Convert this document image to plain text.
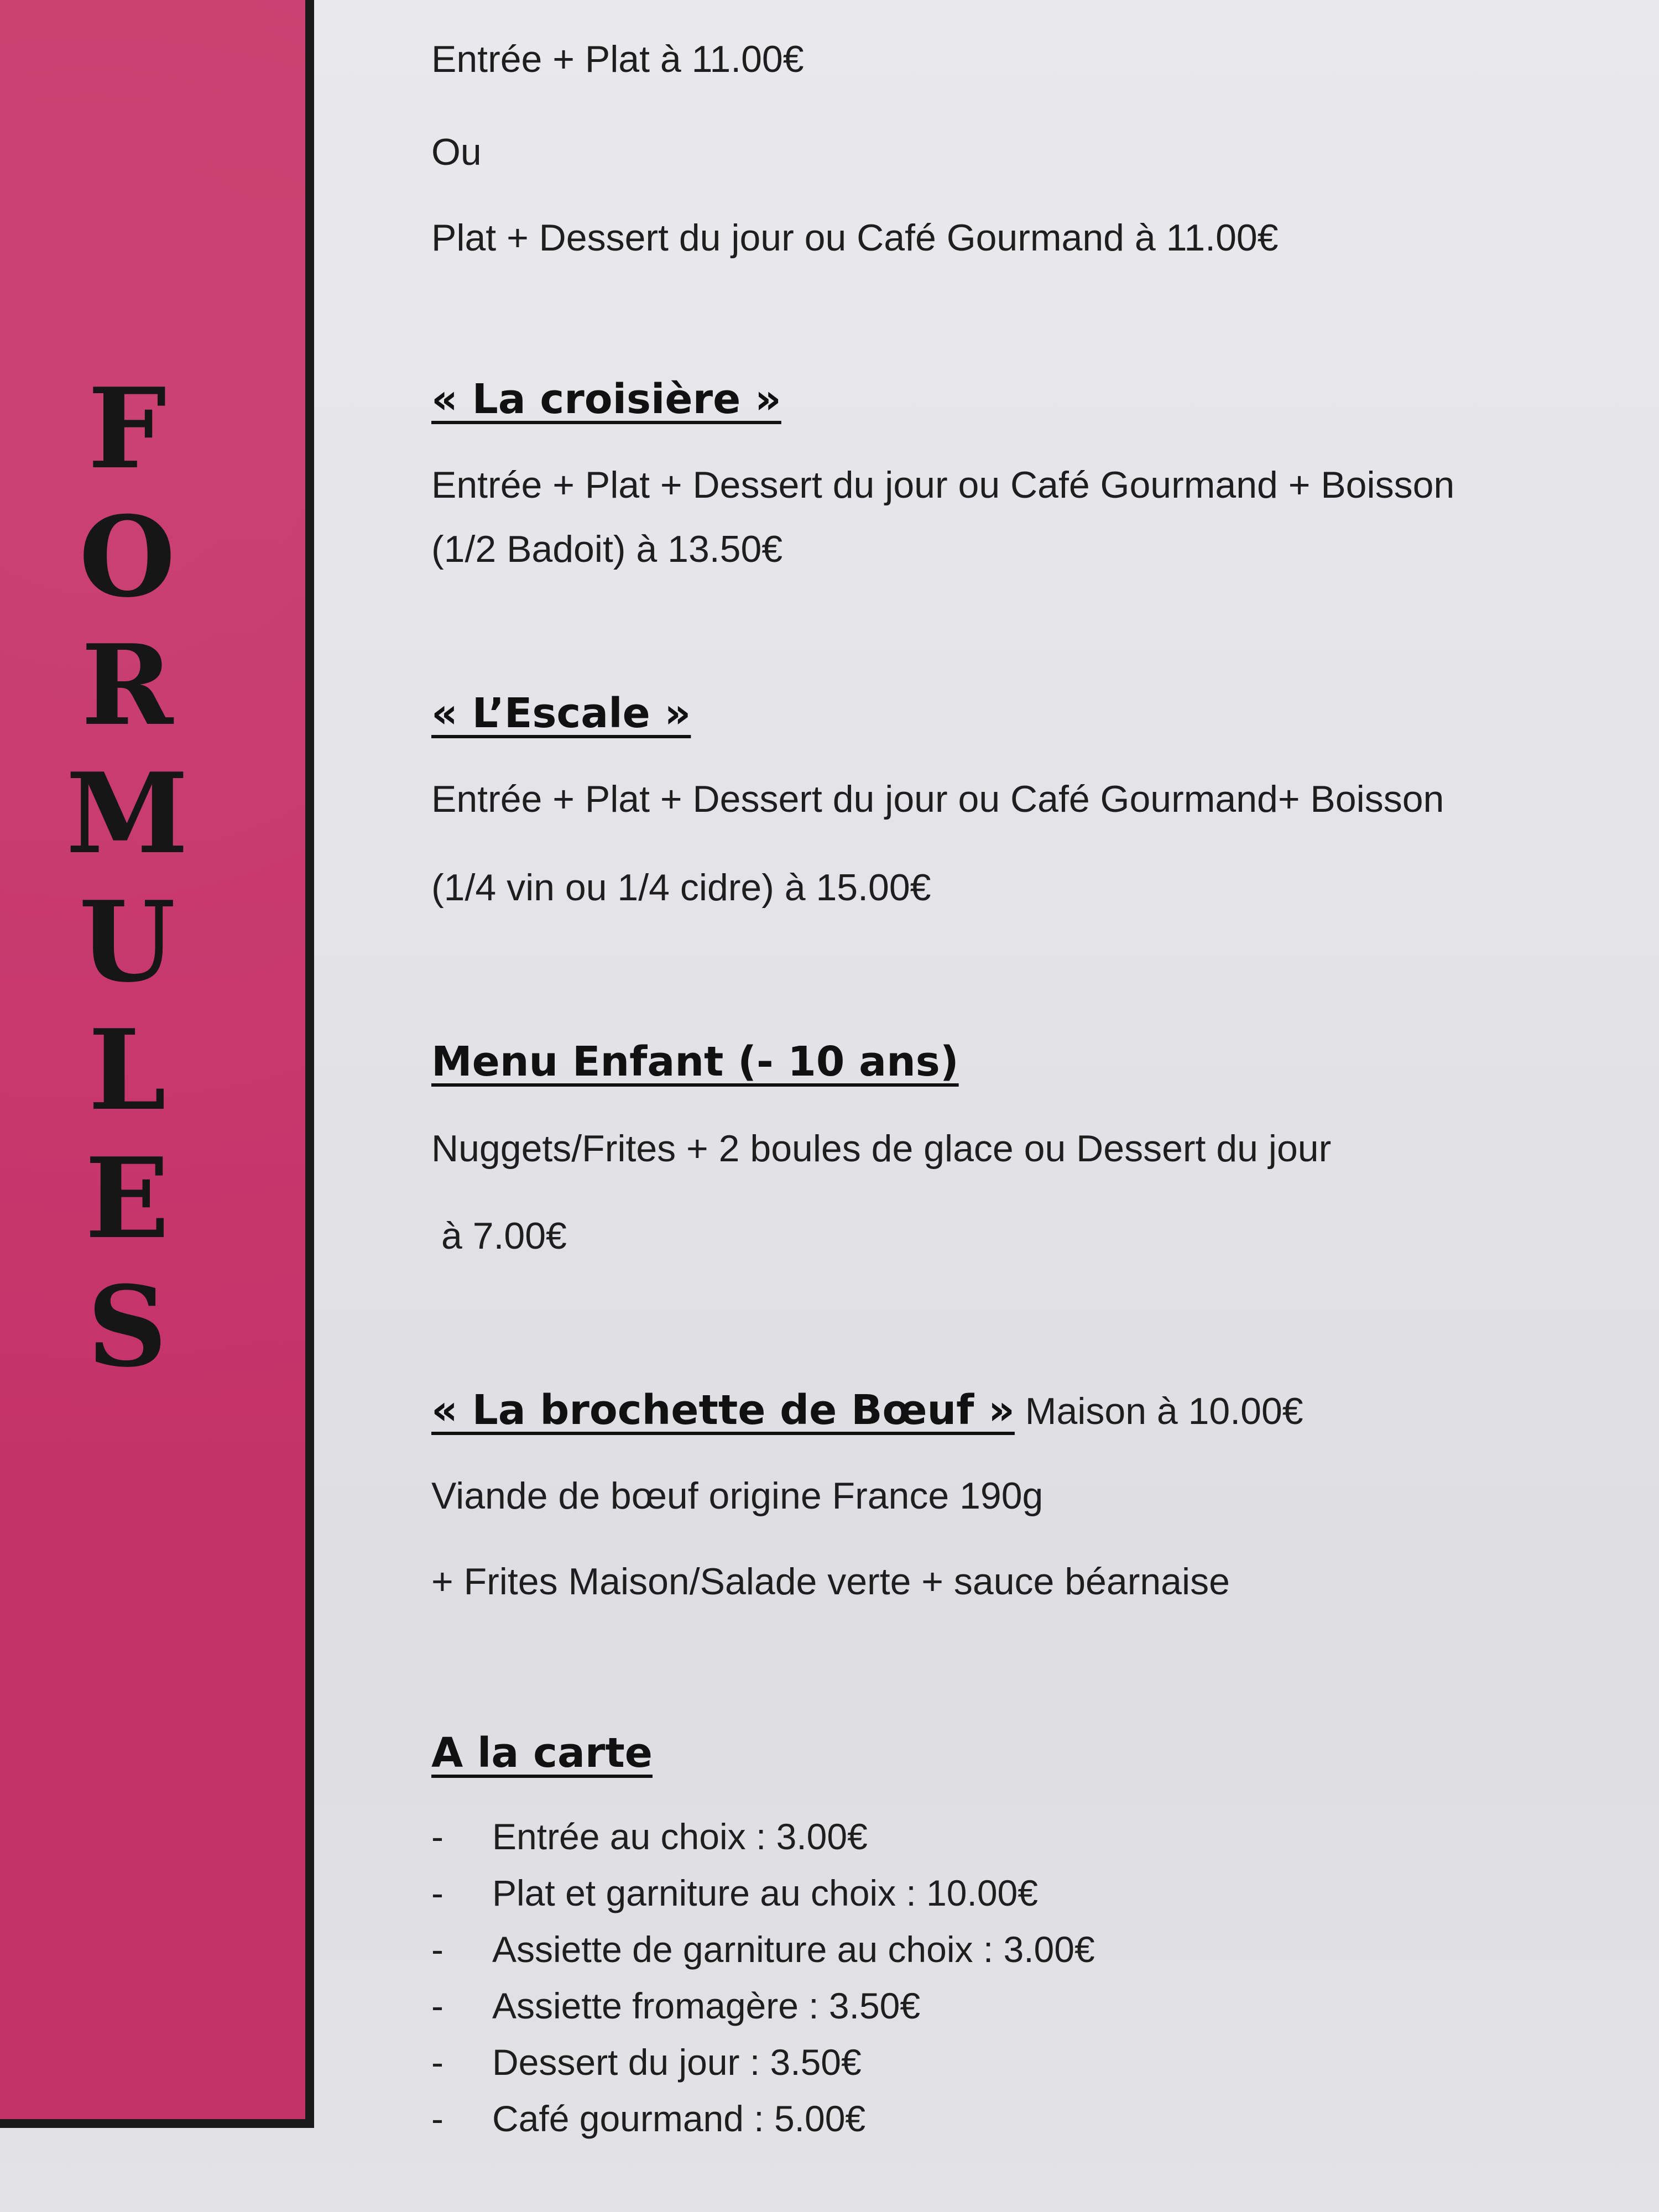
F
O
R
M
U
L
E
S
Entrée + Plat à 11.00€
Ou
Plat + Dessert du jour ou Café Gourmand à 11.00€
« La croisière »
Entrée + Plat + Dessert du jour ou Café Gourmand + Boisson
(1/2 Badoit) à 13.50€
« L’Escale »
Entrée + Plat + Dessert du jour ou Café Gourmand+ Boisson
(1/4 vin ou 1/4 cidre) à 15.00€
Menu Enfant (- 10 ans)
Nuggets/Frites + 2 boules de glace ou Dessert du jour
à 7.00€
« La brochette de Bœuf » Maison à 10.00€
Viande de bœuf origine France 190g
+ Frites Maison/Salade verte + sauce béarnaise
A la carte
- Entrée au choix : 3.00€
- Plat et garniture au choix : 10.00€
- Assiette de garniture au choix : 3.00€
- Assiette fromagère : 3.50€
- Dessert du jour : 3.50€
- Café gourmand : 5.00€
